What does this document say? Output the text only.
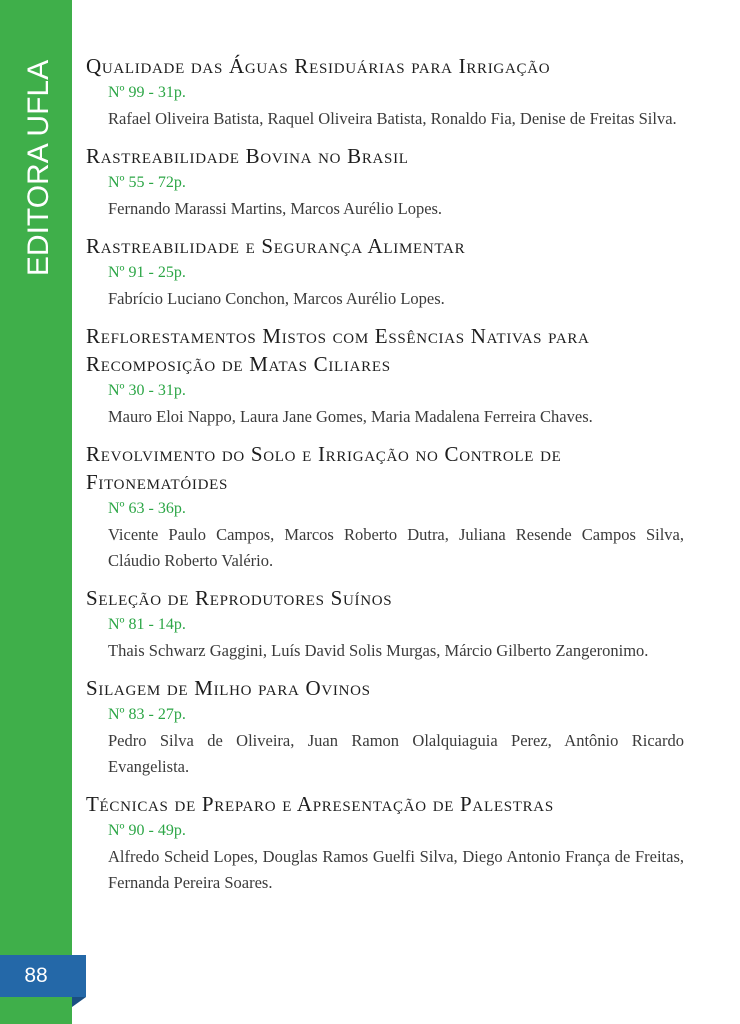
EDITORA UFLA
88
Qualidade das Águas Residuárias para Irrigação
Nº 99 - 31p.
Rafael Oliveira Batista, Raquel Oliveira Batista, Ronaldo Fia, Denise de Freitas Silva.
Rastreabilidade Bovina no Brasil
Nº 55 - 72p.
Fernando Marassi Martins, Marcos Aurélio Lopes.
Rastreabilidade e Segurança Alimentar
Nº 91 - 25p.
Fabrício Luciano Conchon, Marcos Aurélio Lopes.
Reflorestamentos Mistos com Essências Nativas para Recomposição de Matas Ciliares
Nº 30 - 31p.
Mauro Eloi Nappo, Laura Jane Gomes, Maria Madalena Ferreira Chaves.
Revolvimento do Solo e Irrigação no Controle de Fitonematóides
Nº 63 - 36p.
Vicente Paulo Campos, Marcos Roberto Dutra, Juliana Resende Campos Silva, Cláudio Roberto Valério.
Seleção de Reprodutores Suínos
Nº 81 - 14p.
Thais Schwarz Gaggini, Luís David Solis Murgas, Márcio Gilberto Zangeronimo.
Silagem de Milho para Ovinos
Nº 83 - 27p.
Pedro Silva de Oliveira, Juan Ramon Olalquiaguia Perez, Antônio Ricardo Evangelista.
Técnicas de Preparo e Apresentação de Palestras
Nº 90 - 49p.
Alfredo Scheid Lopes, Douglas Ramos Guelfi Silva, Diego Antonio França de Freitas, Fernanda Pereira Soares.
